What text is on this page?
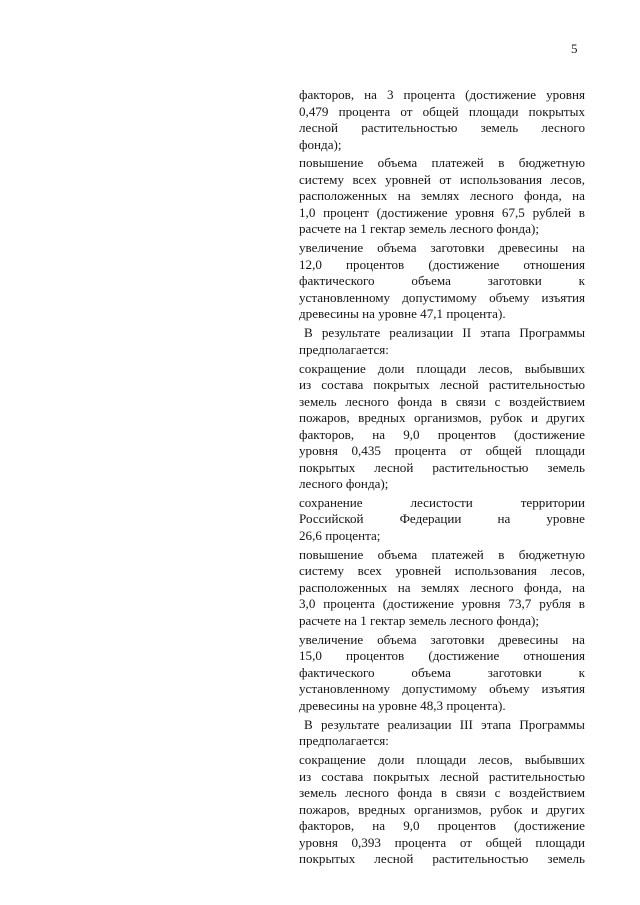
5
факторов, на 3 процента (достижение уровня
0,479 процента от общей площади покрытых
лесной растительностью земель лесного
фонда);
повышение объема платежей в бюджетную
систему всех уровней от использования лесов,
расположенных на землях лесного фонда, на
1,0 процент (достижение уровня 67,5 рублей в
расчете на 1 гектар земель лесного фонда);
увеличение объема заготовки древесины на
12,0 процентов (достижение отношения
фактического объема заготовки к
установленному допустимому объему изъятия
древесины на уровне 47,1 процента).
В результате реализации II этапа Программы
предполагается:
сокращение доли площади лесов, выбывших
из состава покрытых лесной растительностью
земель лесного фонда в связи с воздействием
пожаров, вредных организмов, рубок и других
факторов, на 9,0 процентов (достижение
уровня 0,435 процента от общей площади
покрытых лесной растительностью земель
лесного фонда);
сохранение лесистости территории
Российской Федерации на уровне
26,6 процента;
повышение объема платежей в бюджетную
систему всех уровней использования лесов,
расположенных на землях лесного фонда, на
3,0 процента (достижение уровня 73,7 рубля в
расчете на 1 гектар земель лесного фонда);
увеличение объема заготовки древесины на
15,0 процентов (достижение отношения
фактического объема заготовки к
установленному допустимому объему изъятия
древесины на уровне 48,3 процента).
В результате реализации III этапа Программы
предполагается:
сокращение доли площади лесов, выбывших
из состава покрытых лесной растительностью
земель лесного фонда в связи с воздействием
пожаров, вредных организмов, рубок и других
факторов, на 9,0 процентов (достижение
уровня 0,393 процента от общей площади
покрытых лесной растительностью земель
